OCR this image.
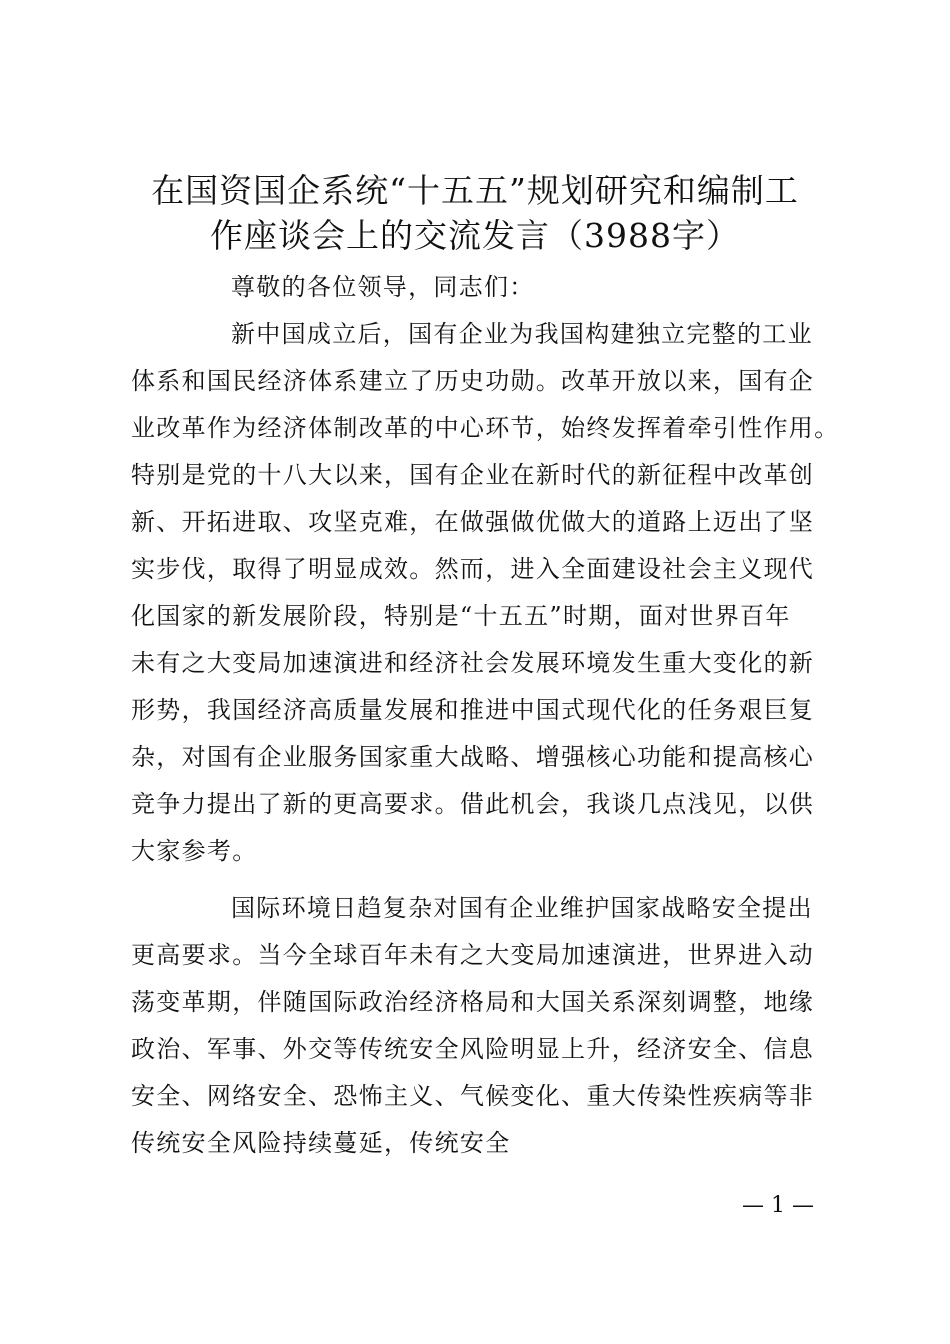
在国资国企系统“十五五”规划研究和编制工
作座谈会上的交流发言（3988字）
尊敬的各位领导，同志们：
新中国成立后，国有企业为我国构建独立完整的工业
体系和国民经济体系建立了历史功勋。改革开放以来，国有企
业改革作为经济体制改革的中心环节，始终发挥着牵引性作用。
特别是党的十八大以来，国有企业在新时代的新征程中改革创
新、开拓进取、攻坚克难，在做强做优做大的道路上迈出了坚
实步伐，取得了明显成效。然而，进入全面建设社会主义现代
化国家的新发展阶段，特别是“十五五”时期，面对世界百年
未有之大变局加速演进和经济社会发展环境发生重大变化的新
形势，我国经济高质量发展和推进中国式现代化的任务艰巨复
杂，对国有企业服务国家重大战略、增强核心功能和提高核心
竞争力提出了新的更高要求。借此机会，我谈几点浅见，以供
大家参考。
国际环境日趋复杂对国有企业维护国家战略安全提出
更高要求。当今全球百年未有之大变局加速演进，世界进入动
荡变革期，伴随国际政治经济格局和大国关系深刻调整，地缘
政治、军事、外交等传统安全风险明显上升，经济安全、信息
安全、网络安全、恐怖主义、气候变化、重大传染性疾病等非
传统安全风险持续蔓延，传统安全
— 1 —
